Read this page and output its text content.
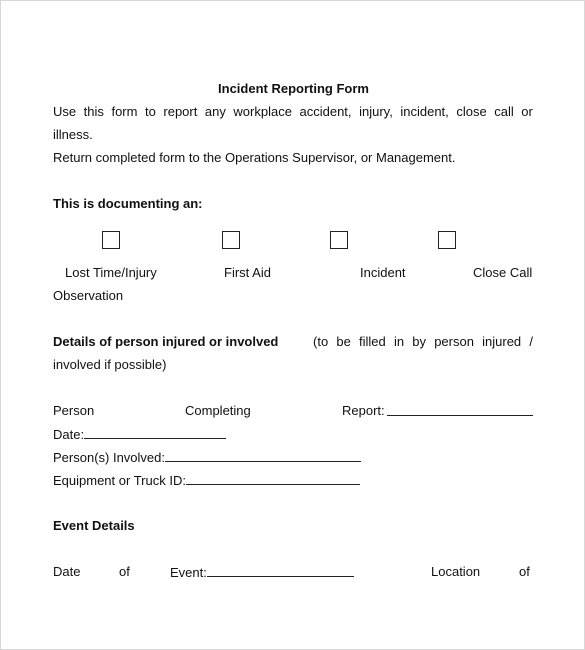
Incident Reporting Form
Use this form to report any workplace accident, injury, incident, close call or
illness.
Return completed form to the Operations Supervisor, or Management.
This is documenting an:
Lost Time/Injury	First Aid	Incident	Close Call
Observation
Details of person injured or involved	(to be filled in by person injured /
involved if possible)
Person	Completing	Report:
Date:
Person(s) Involved:
Equipment or Truck ID:
Event Details
Date	of	Event:	Location	of
